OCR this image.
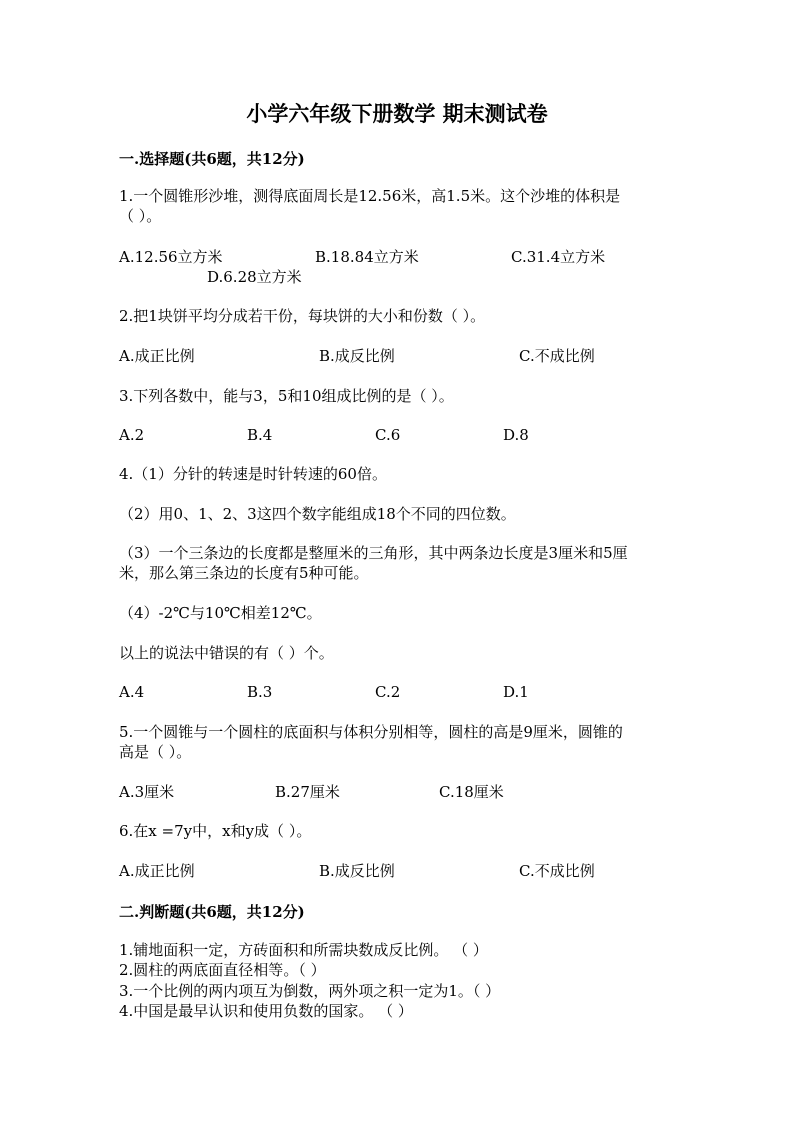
小学六年级下册数学 期末测试卷
一.选择题(共6题，共12分)
1.一个圆锥形沙堆，测得底面周长是12.56米，高1.5米。这个沙堆的体积是
（ ）。
A.12.56立方米	B.18.84立方米	C.31.4立方米
D.6.28立方米
2.把1块饼平均分成若干份，每块饼的大小和份数（ ）。
A.成正比例	B.成反比例	C.不成比例
3.下列各数中，能与3，5和10组成比例的是（ ）。
A.2	B.4	C.6	D.8
4.（1）分针的转速是时针转速的60倍。
（2）用0、1、2、3这四个数字能组成18个不同的四位数。
（3）一个三条边的长度都是整厘米的三角形，其中两条边长度是3厘米和5厘
米，那么第三条边的长度有5种可能。
（4）-2℃与10℃相差12℃。
以上的说法中错误的有（ ）个。
A.4	B.3	C.2	D.1
5.一个圆锥与一个圆柱的底面积与体积分别相等，圆柱的高是9厘米，圆锥的
高是（ ）。
A.3厘米	B.27厘米	C.18厘米
6.在x =7y中，x和y成（ ）。
A.成正比例	B.成反比例	C.不成比例
二.判断题(共6题，共12分)
1.铺地面积一定，方砖面积和所需块数成反比例。 （ ）
2.圆柱的两底面直径相等。（ ）
3.一个比例的两内项互为倒数，两外项之积一定为1。（ ）
4.中国是最早认识和使用负数的国家。 （ ）
